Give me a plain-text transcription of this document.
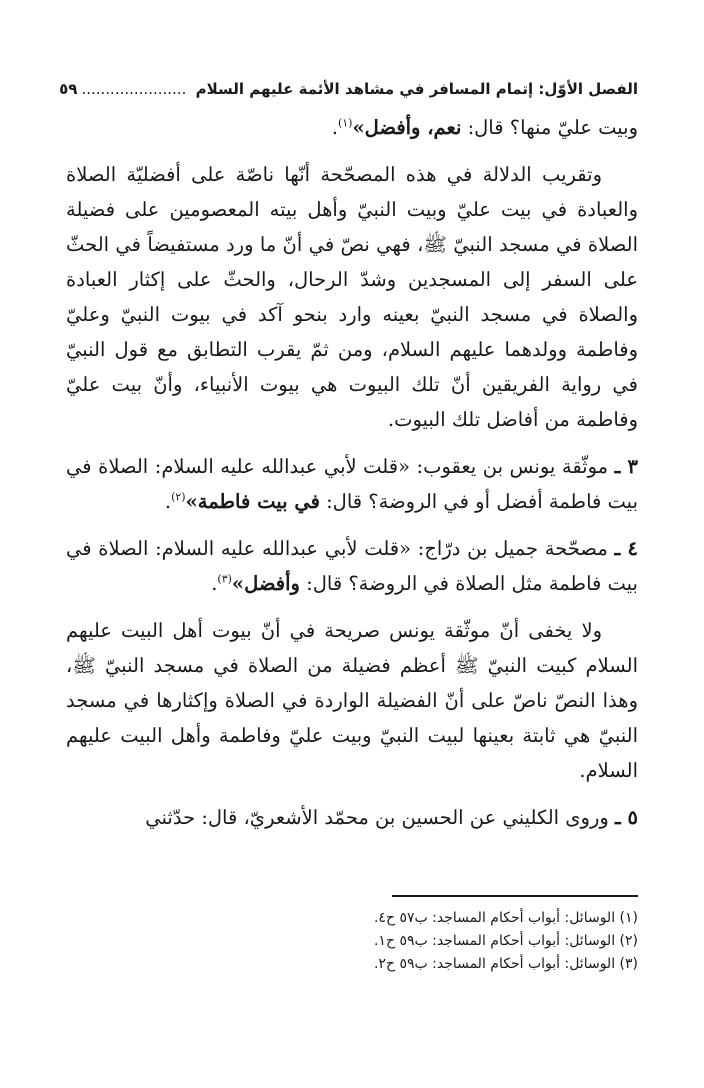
الفصل الأوّل: إتمام المسافر في مشاهد الأئمة عليهم السلام ......................
٥٩

وبيت عليّ منها؟ قال: نعم، وأفضل»$^{(١)}$.

وتقريب الدلالة في هذه المصحّحة أنّها ناصّة على أفضليّة الصلاة والعبادة في بيت عليّ وبيت النبيّ وأهل بيته المعصومين على فضيلة الصلاة في مسجد النبيّ ﷺ، فهي نصّ في أنّ ما ورد مستفيضاً في الحثّ على السفر إلى المسجدين وشدّ الرحال، والحثّ على إكثار العبادة والصلاة في مسجد النبيّ بعينه وارد بنحو آكد في بيوت النبيّ وعليّ وفاطمة وولدهما عليهم السلام، ومن ثمّ يقرب التطابق مع قول النبيّ في رواية الفريقين أنّ تلك البيوت هي بيوت الأنبياء، وأنّ بيت عليّ وفاطمة من أفاضل تلك البيوت.

٣ ـ موثّقة يونس بن يعقوب: «قلت لأبي عبدالله عليه السلام: الصلاة في بيت فاطمة أفضل أو في الروضة؟ قال: في بيت فاطمة»$^{(٢)}$.

٤ ـ مصحّحة جميل بن درّاج: «قلت لأبي عبدالله عليه السلام: الصلاة في بيت فاطمة مثل الصلاة في الروضة؟ قال: وأفضل»$^{(٣)}$.

ولا يخفى أنّ موثّقة يونس صريحة في أنّ بيوت أهل البيت عليهم السلام كبيت النبيّ ﷺ أعظم فضيلة من الصلاة في مسجد النبيّ ﷺ، وهذا النصّ ناصّ على أنّ الفضيلة الواردة في الصلاة وإكثارها في مسجد النبيّ هي ثابتة بعينها لبيت النبيّ وبيت عليّ وفاطمة وأهل البيت عليهم السلام.

٥ ـ وروى الكليني عن الحسين بن محمّد الأشعريّ، قال: حدّثني

(١) الوسائل: أبواب أحكام المساجد: ب٥٧ ح٤.

(٢) الوسائل: أبواب أحكام المساجد: ب٥٩ ح١.

(٣) الوسائل: أبواب أحكام المساجد: ب٥٩ ح٢.
